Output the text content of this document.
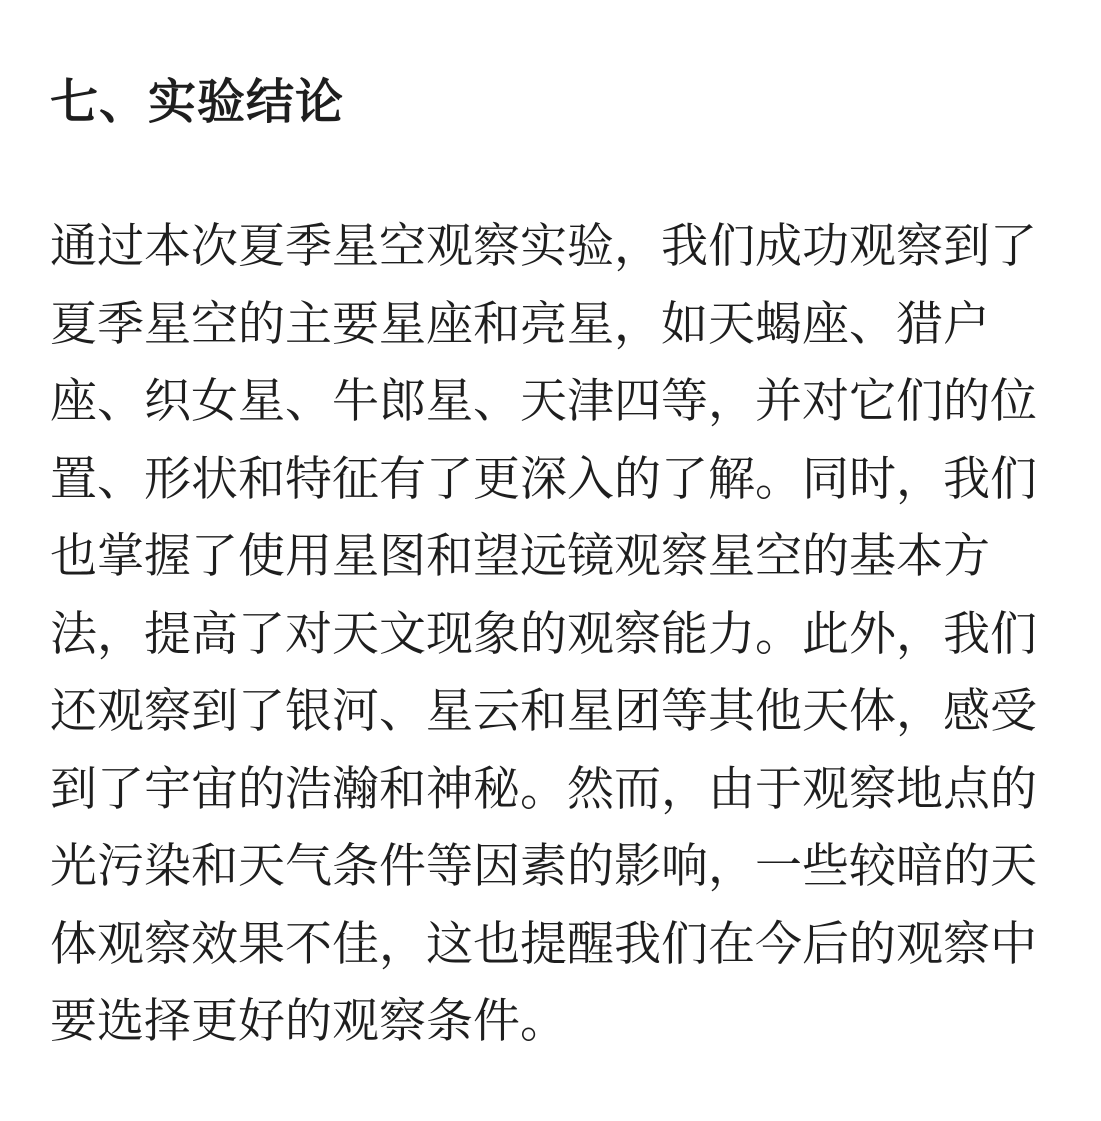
七、实验结论
通过本次夏季星空观察实验，我们成功观察到了
夏季星空的主要星座和亮星，如天蝎座、猎户
座、织女星、牛郎星、天津四等，并对它们的位
置、形状和特征有了更深入的了解。同时，我们
也掌握了使用星图和望远镜观察星空的基本方
法，提高了对天文现象的观察能力。此外，我们
还观察到了银河、星云和星团等其他天体，感受
到了宇宙的浩瀚和神秘。然而，由于观察地点的
光污染和天气条件等因素的影响，一些较暗的天
体观察效果不佳，这也提醒我们在今后的观察中
要选择更好的观察条件。
